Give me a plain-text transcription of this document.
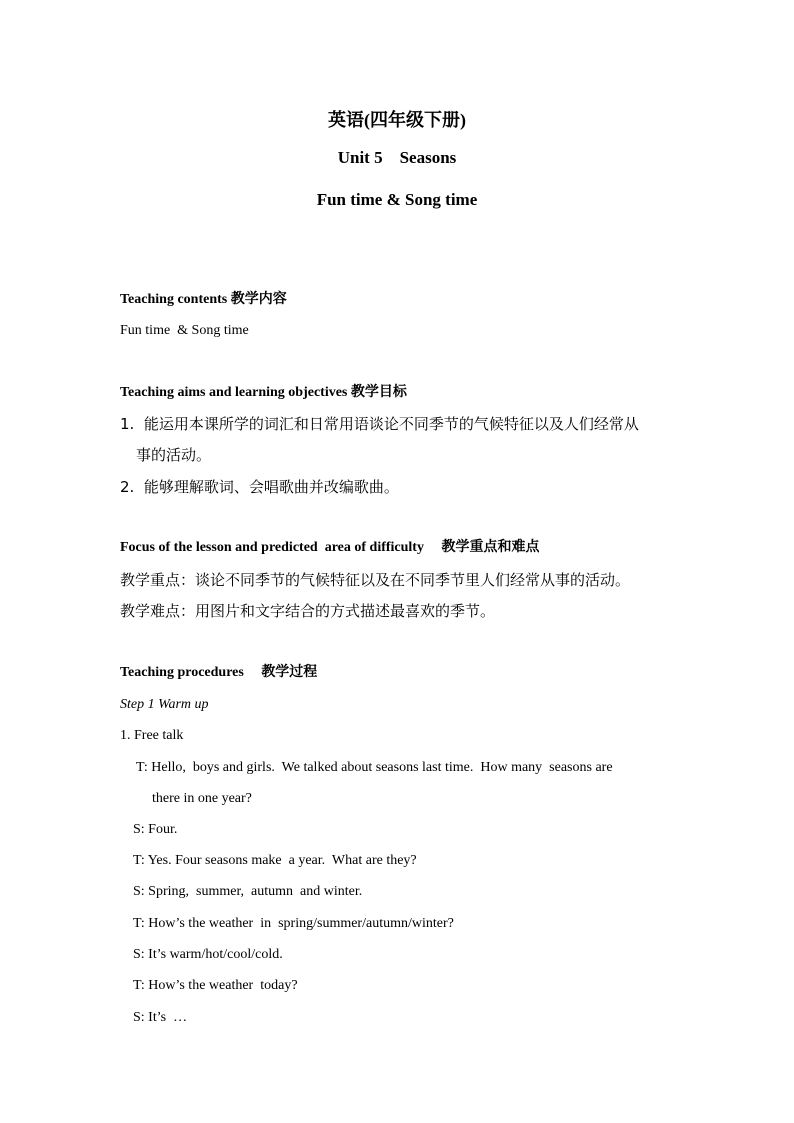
英语(四年级下册)
Unit 5    Seasons
Fun time & Song time
Teaching contents 教学内容
Fun time  & Song time
Teaching aims and learning objectives 教学目标
1.  能运用本课所学的词汇和日常用语谈论不同季节的气候特征以及人们经常从
事的活动。
2.  能够理解歌词、会唱歌曲并改编歌曲。
Focus of the lesson and predicted  area of difficulty     教学重点和难点
教学重点：谈论不同季节的气候特征以及在不同季节里人们经常从事的活动。
教学难点：用图片和文字结合的方式描述最喜欢的季节。
Teaching procedures     教学过程
Step 1 Warm up
1. Free talk
T: Hello,  boys and girls.  We talked about seasons last time.  How many  seasons are
there in one year?
S: Four.
T: Yes. Four seasons make  a year.  What are they?
S: Spring,  summer,  autumn  and winter.
T: How’s the weather  in  spring/summer/autumn/winter?
S: It’s warm/hot/cool/cold.
T: How’s the weather  today?
S: It’s  …
